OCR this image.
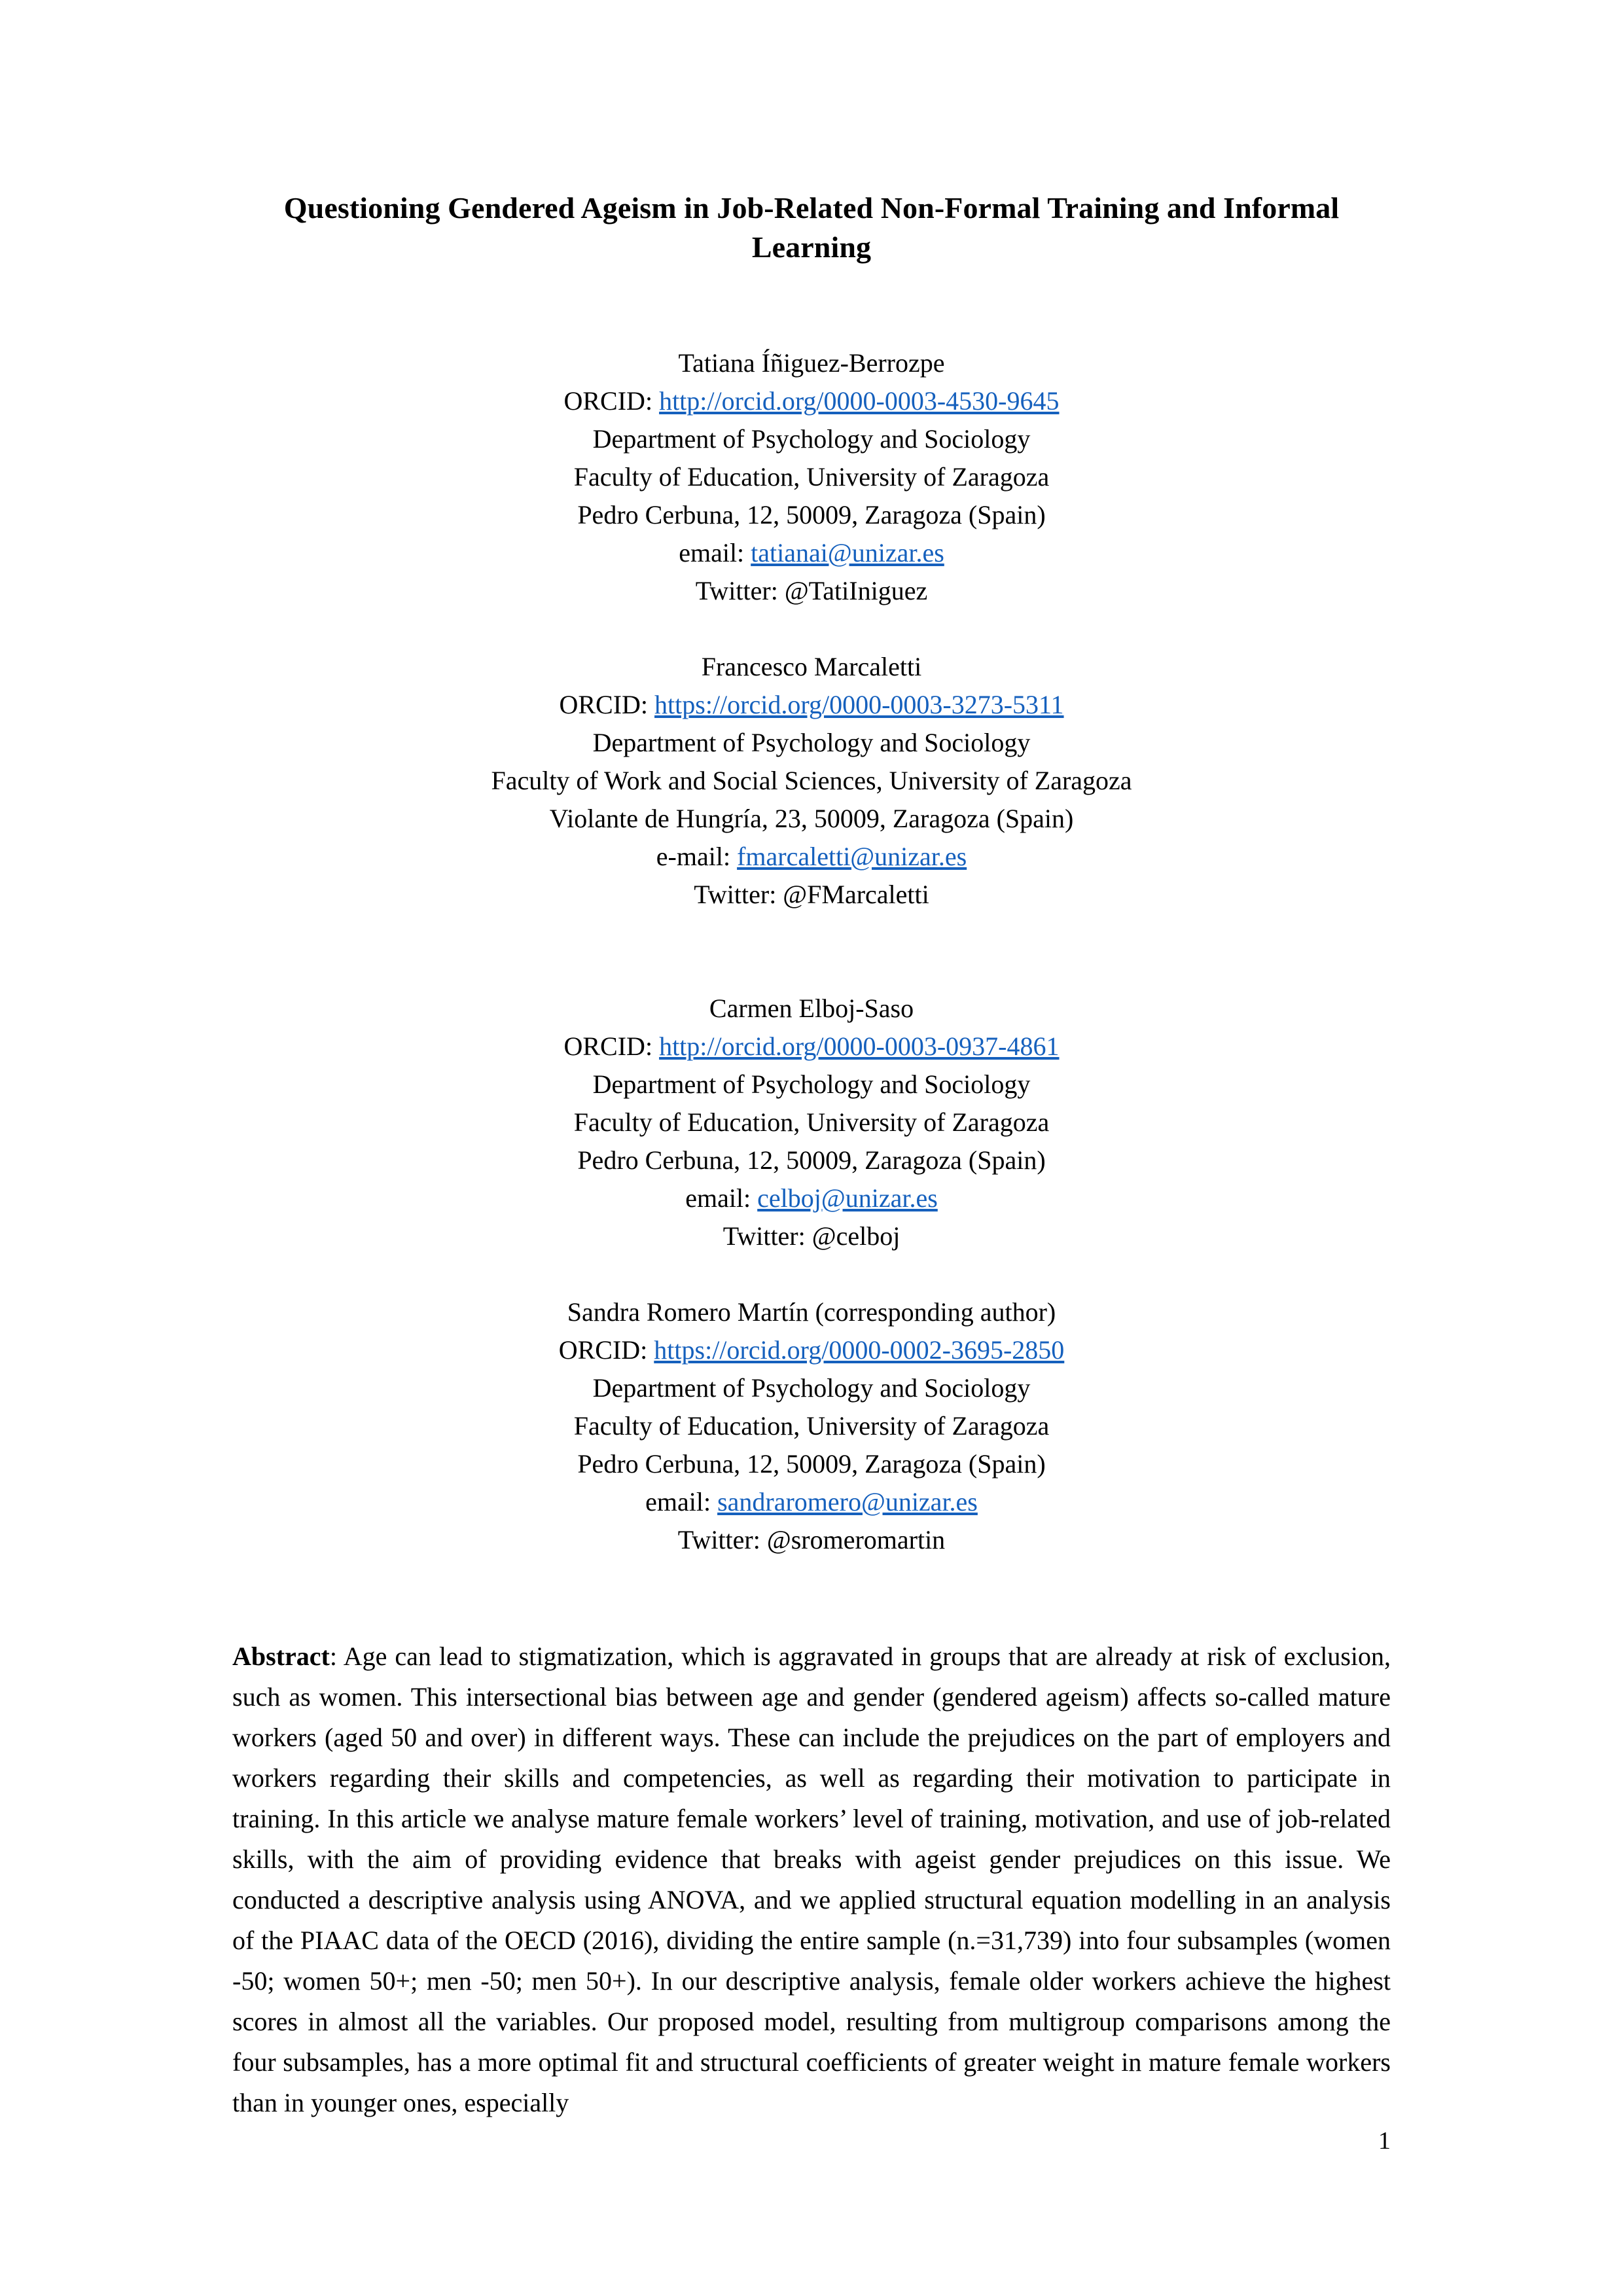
Questioning Gendered Ageism in Job-Related Non-Formal Training and Informal Learning
Tatiana Íñiguez-Berrozpe
ORCID: http://orcid.org/0000-0003-4530-9645
Department of Psychology and Sociology
Faculty of Education, University of Zaragoza
Pedro Cerbuna, 12, 50009, Zaragoza (Spain)
email: tatianai@unizar.es
Twitter: @TatiIniguez
Francesco Marcaletti
ORCID: https://orcid.org/0000-0003-3273-5311
Department of Psychology and Sociology
Faculty of Work and Social Sciences, University of Zaragoza
Violante de Hungría, 23, 50009, Zaragoza (Spain)
e-mail: fmarcaletti@unizar.es
Twitter: @FMarcaletti
Carmen Elboj-Saso
ORCID: http://orcid.org/0000-0003-0937-4861
Department of Psychology and Sociology
Faculty of Education, University of Zaragoza
Pedro Cerbuna, 12, 50009, Zaragoza (Spain)
email: celboj@unizar.es
Twitter: @celboj
Sandra Romero Martín (corresponding author)
ORCID: https://orcid.org/0000-0002-3695-2850
Department of Psychology and Sociology
Faculty of Education, University of Zaragoza
Pedro Cerbuna, 12, 50009, Zaragoza (Spain)
email: sandraromero@unizar.es
Twitter: @sromeromartin

Abstract: Age can lead to stigmatization, which is aggravated in groups that are already at risk of exclusion, such as women. This intersectional bias between age and gender (gendered ageism) affects so-called mature workers (aged 50 and over) in different ways. These can include the prejudices on the part of employers and workers regarding their skills and competencies, as well as regarding their motivation to participate in training. In this article we analyse mature female workers’ level of training, motivation, and use of job-related skills, with the aim of providing evidence that breaks with ageist gender prejudices on this issue. We conducted a descriptive analysis using ANOVA, and we applied structural equation modelling in an analysis of the PIAAC data of the OECD (2016), dividing the entire sample (n.=31,739) into four subsamples (women -50; women 50+; men -50; men 50+). In our descriptive analysis, female older workers achieve the highest scores in almost all the variables. Our proposed model, resulting from multigroup comparisons among the four subsamples, has a more optimal fit and structural coefficients of greater weight in mature female workers than in younger ones, especially

1
